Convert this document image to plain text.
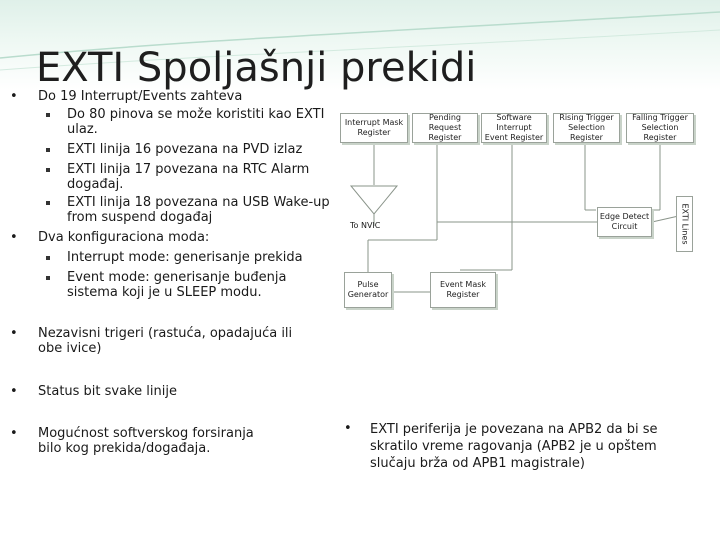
EXTI Spoljašnji prekidi
• Do 19 Interrupt/Events zahteva
Do 80 pinova se može koristiti kao EXTI
ulaz.
EXTI linija 16 povezana na PVD izlaz
EXTI linija 17 povezana na RTC Alarm
događaj.
EXTI linija 18 povezana na USB Wake-up
from suspend događaj
• Dva konfiguraciona moda:
Interrupt mode: generisanje prekida
Event mode: generisanje buđenja
sistema koji je u SLEEP modu.
• Nezavisni trigeri (rastuća, opadajuća ili
obe ivice)
• Status bit svake linije
• Mogućnost softverskog forsiranja
bilo kog prekida/događaja.
• EXTI periferija je povezana na APB2 da bi se
skratilo vreme ragovanja (APB2 je u opštem
slučaju brža od APB1 magistrale)
Interrupt Mask
Register
Pending Request
Register
Software Interrupt
Event Register
Rising Trigger
Selection Register
Falling Trigger
Selection Register
Edge Detect
Circuit
Pulse
Generator
Event Mask
Register
To NVIC	EXTI Lines
